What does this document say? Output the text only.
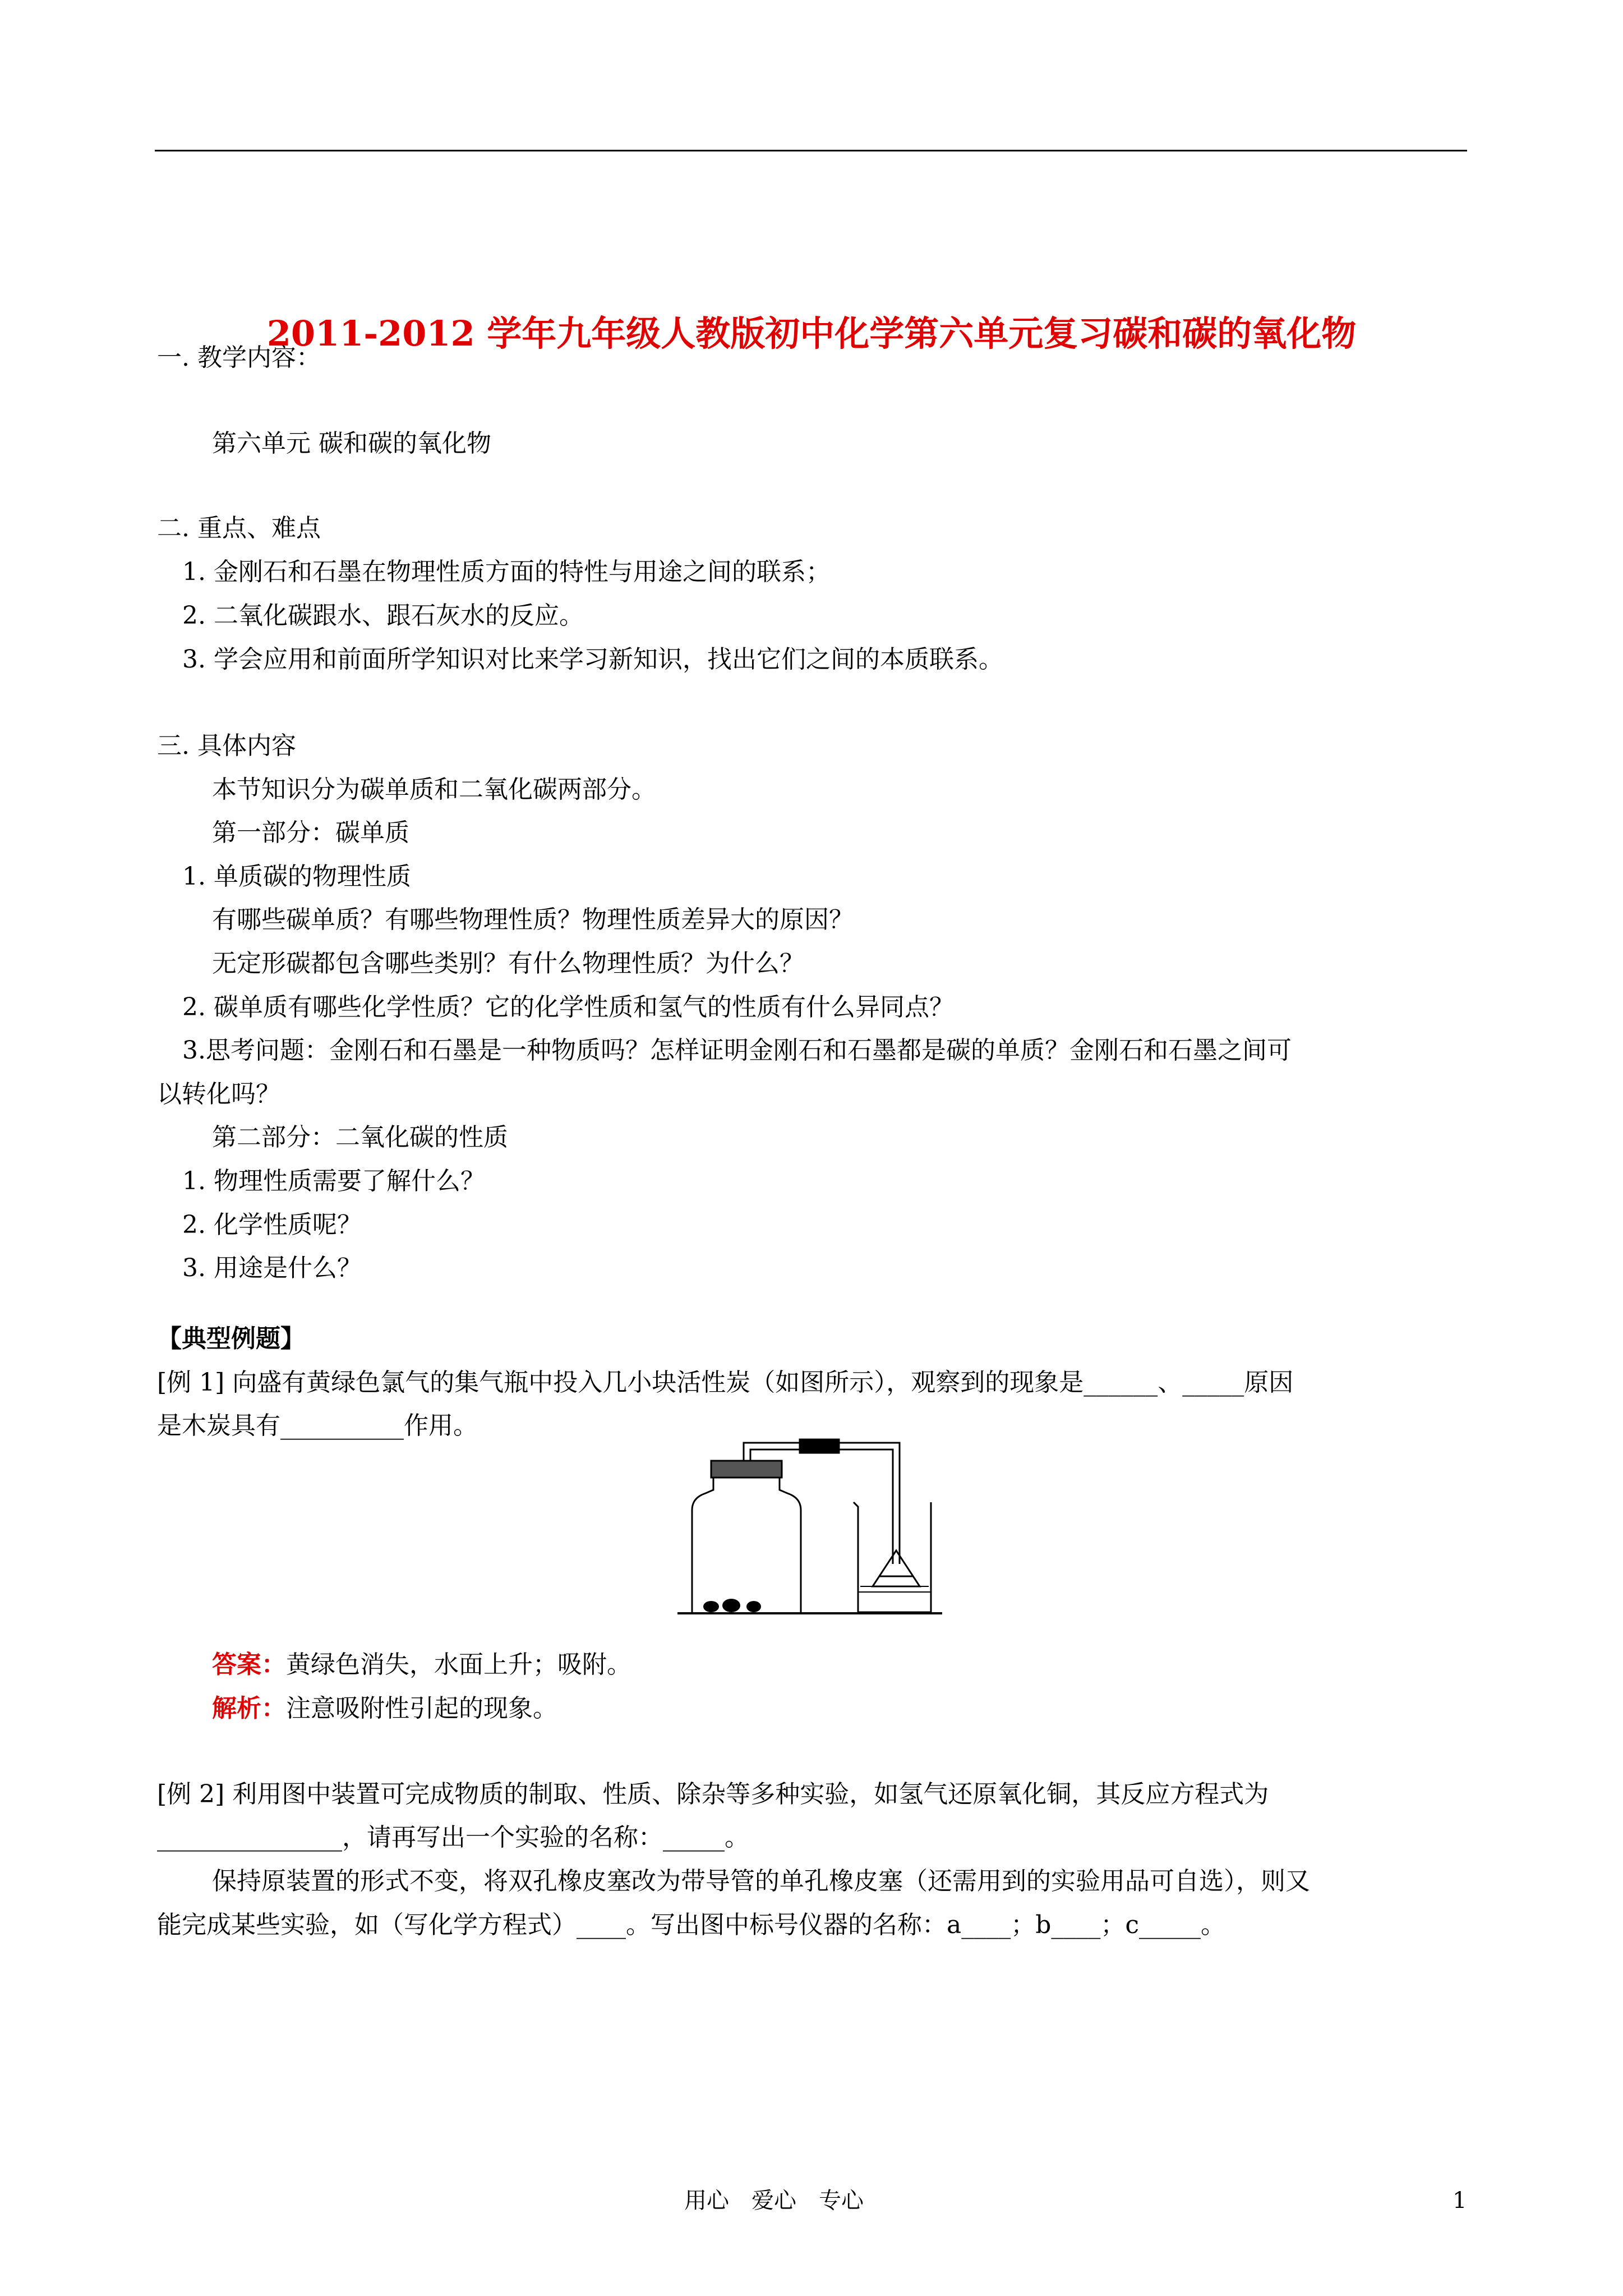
2011-2012 学年九年级人教版初中化学第六单元复习碳和碳的氧化物
一. 教学内容：
第六单元 碳和碳的氧化物
二. 重点、难点
1. 金刚石和石墨在物理性质方面的特性与用途之间的联系；
2. 二氧化碳跟水、跟石灰水的反应。
3. 学会应用和前面所学知识对比来学习新知识，找出它们之间的本质联系。
三. 具体内容
本节知识分为碳单质和二氧化碳两部分。
第一部分：碳单质
1. 单质碳的物理性质
有哪些碳单质？有哪些物理性质？物理性质差异大的原因？
无定形碳都包含哪些类别？有什么物理性质？为什么？
2. 碳单质有哪些化学性质？它的化学性质和氢气的性质有什么异同点？
3.思考问题：金刚石和石墨是一种物质吗？怎样证明金刚石和石墨都是碳的单质？金刚石和石墨之间可
以转化吗？
第二部分：二氧化碳的性质
1. 物理性质需要了解什么？
2. 化学性质呢？
3. 用途是什么？
【典型例题】
[例 1] 向盛有黄绿色氯气的集气瓶中投入几小块活性炭（如图所示），观察到的现象是______、_____原因
是木炭具有__________作用。
答案：黄绿色消失，水面上升；吸附。
解析：注意吸附性引起的现象。
[例 2] 利用图中装置可完成物质的制取、性质、除杂等多种实验，如氢气还原氧化铜，其反应方程式为
_______________，请再写出一个实验的名称：_____。
保持原装置的形式不变，将双孔橡皮塞改为带导管的单孔橡皮塞（还需用到的实验用品可自选），则又
能完成某些实验，如（写化学方程式）____。写出图中标号仪器的名称：a____；b____；c_____。
用心　爱心　专心	1
